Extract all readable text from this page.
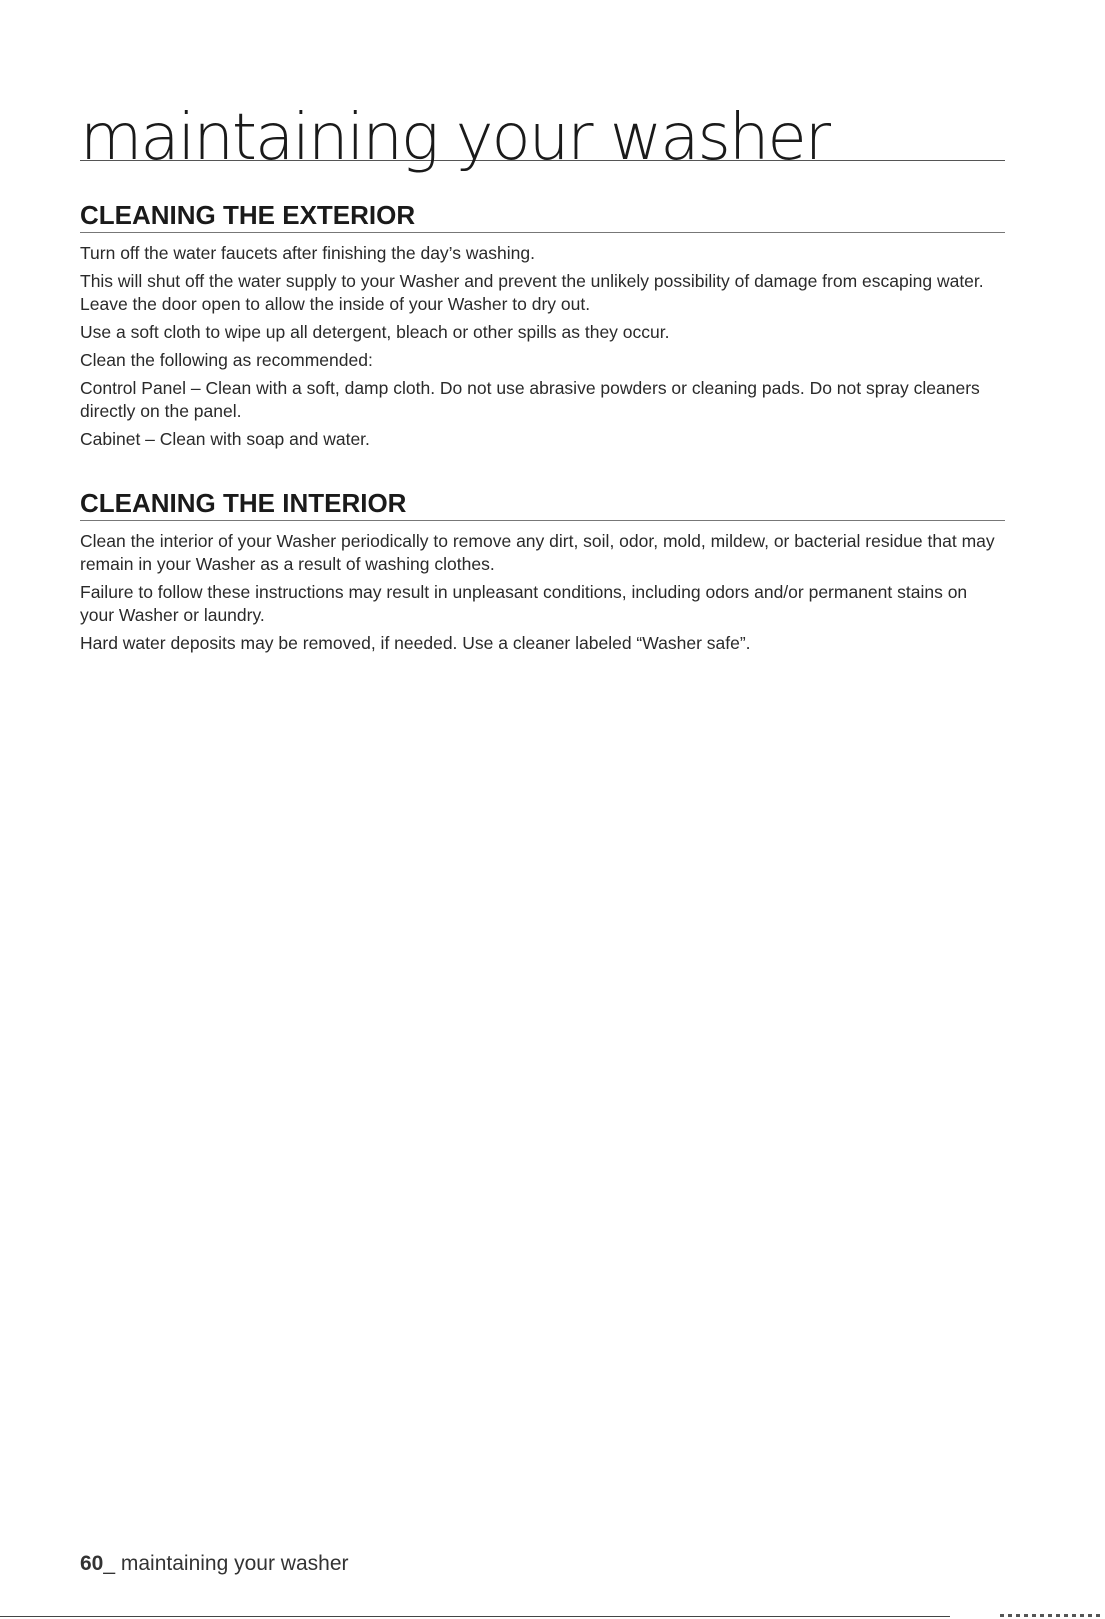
maintaining your washer
CLEANING THE EXTERIOR

Turn off the water faucets after finishing the day’s washing.

This will shut off the water supply to your Washer and prevent the unlikely possibility of damage from escaping water. Leave the door open to allow the inside of your Washer to dry out.

Use a soft cloth to wipe up all detergent, bleach or other spills as they occur.

Clean the following as recommended:

Control Panel – Clean with a soft, damp cloth. Do not use abrasive powders or cleaning pads. Do not spray cleaners directly on the panel.

Cabinet – Clean with soap and water.

CLEANING THE INTERIOR

Clean the interior of your Washer periodically to remove any dirt, soil, odor, mold, mildew, or bacterial residue that may remain in your Washer as a result of washing clothes.

Failure to follow these instructions may result in unpleasant conditions, including odors and/or permanent stains on your Washer or laundry.

Hard water deposits may be removed, if needed. Use a cleaner labeled “Washer safe”.

60_ maintaining your washer
